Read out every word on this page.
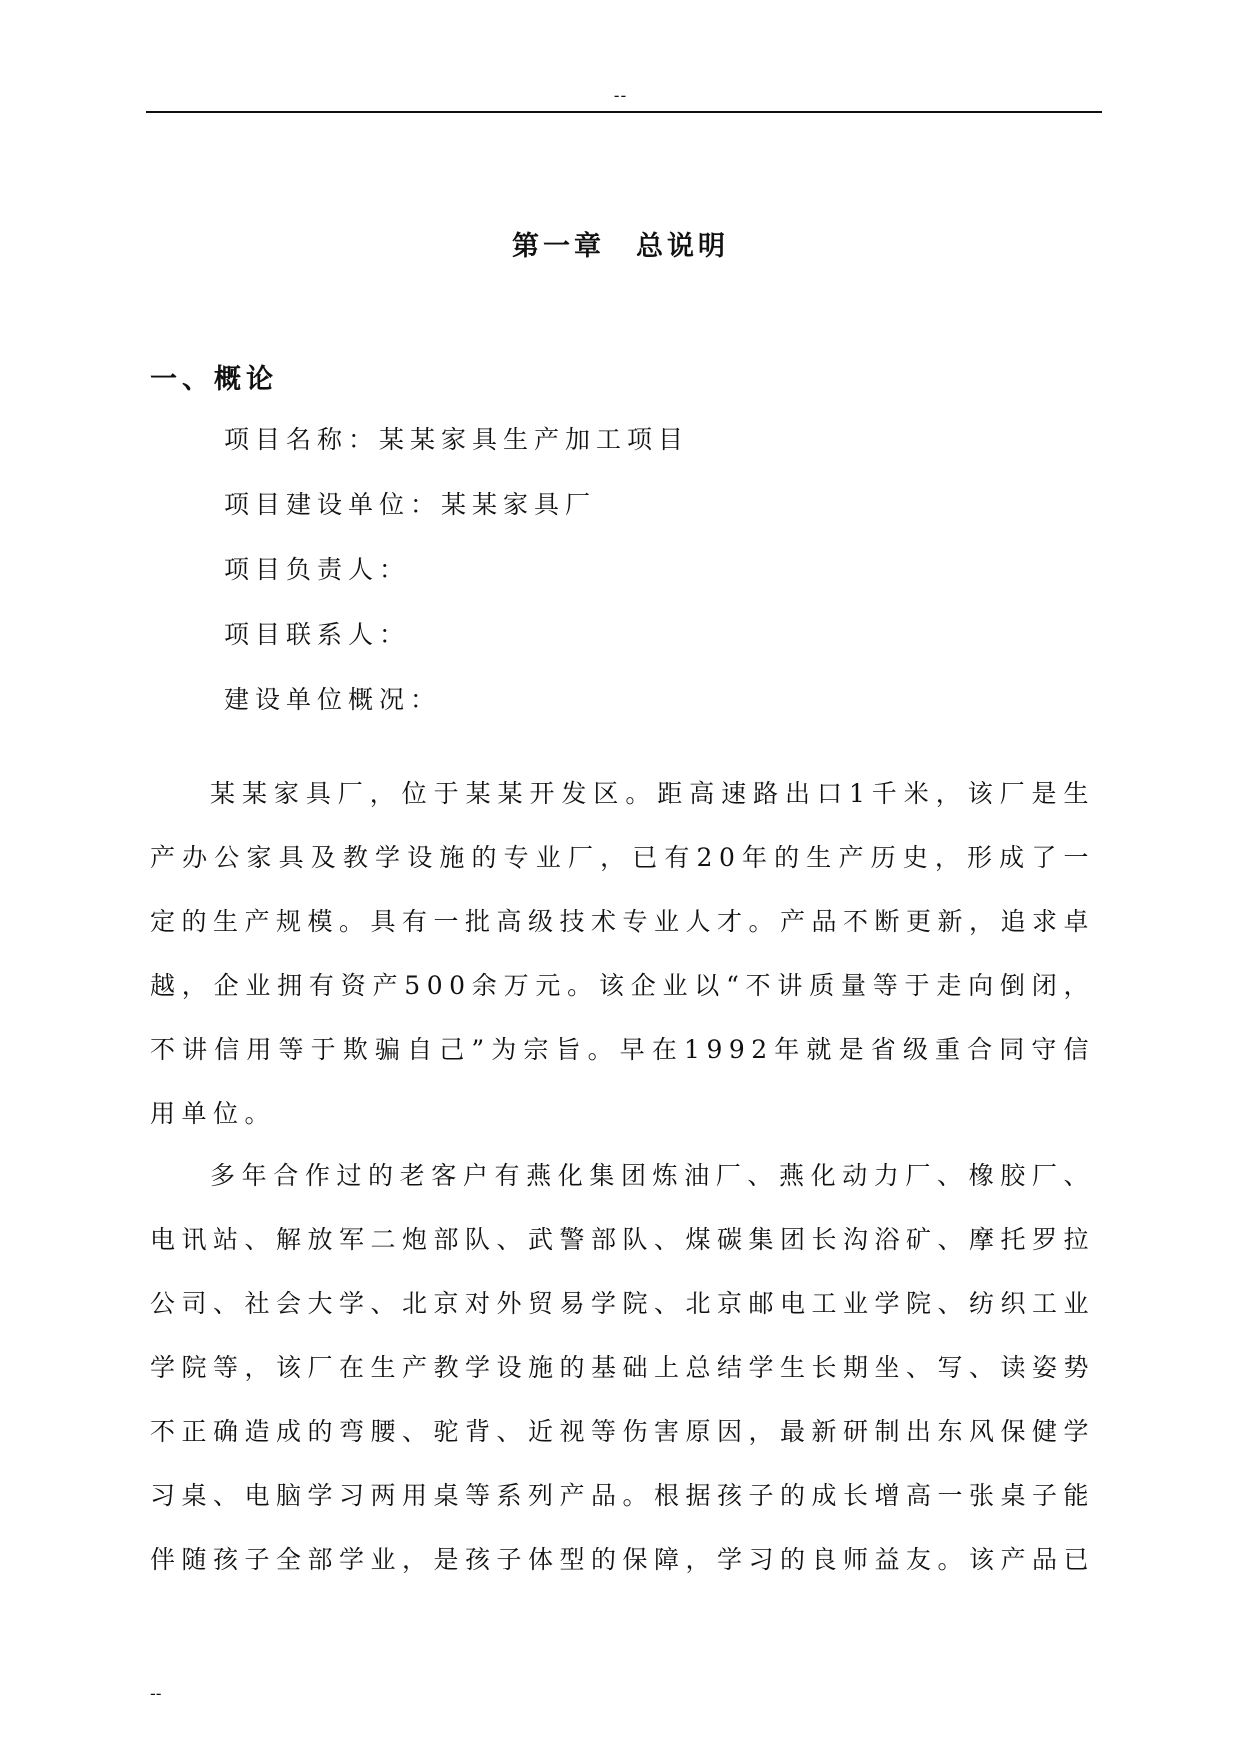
--
第一章　总说明
一、概论
项目名称：某某家具生产加工项目
项目建设单位：某某家具厂
项目负责人：
项目联系人：
建设单位概况：

某某家具厂，位于某某开发区。距高速路出口1千米，该厂是生产办公家具及教学设施的专业厂，已有20年的生产历史，形成了一定的生产规模。具有一批高级技术专业人才。产品不断更新，追求卓越，企业拥有资产500余万元。该企业以“不讲质量等于走向倒闭，不讲信用等于欺骗自己”为宗旨。早在1992年就是省级重合同守信用单位。

多年合作过的老客户有燕化集团炼油厂、燕化动力厂、橡胶厂、电讯站、解放军二炮部队、武警部队、煤碳集团长沟浴矿、摩托罗拉公司、社会大学、北京对外贸易学院、北京邮电工业学院、纺织工业学院等，该厂在生产教学设施的基础上总结学生长期坐、写、读姿势不正确造成的弯腰、驼背、近视等伤害原因，最新研制出东风保健学习桌、电脑学习两用桌等系列产品。根据孩子的成长增高一张桌子能伴随孩子全部学业，是孩子体型的保障，学习的良师益友。该产品已

--
